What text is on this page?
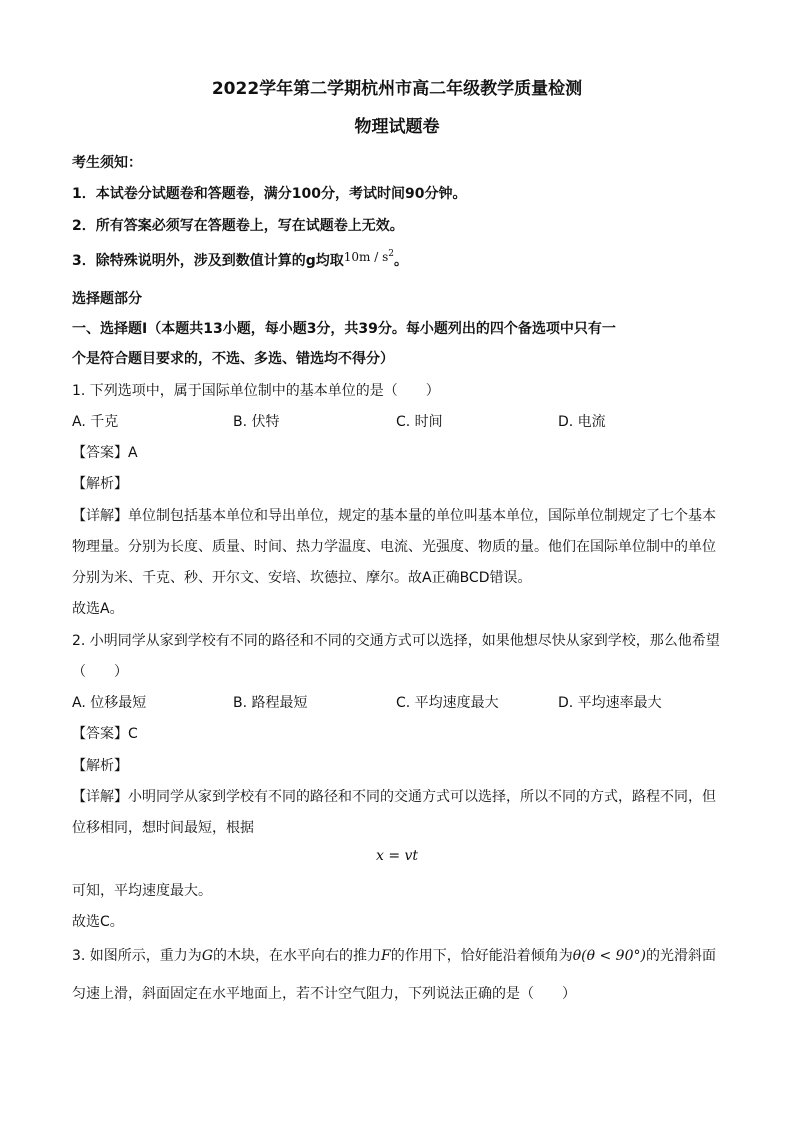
2022学年第二学期杭州市高二年级教学质量检测
物理试题卷
考生须知：
1．本试卷分试题卷和答题卷，满分100分，考试时间90分钟。
2．所有答案必须写在答题卷上，写在试题卷上无效。
3．除特殊说明外，涉及到数值计算的g均取$10m / s^2$。
选择题部分
一、选择题Ⅰ（本题共13小题，每小题3分，共39分。每小题列出的四个备选项中只有一
个是符合题目要求的，不选、多选、错选均不得分）
1. 下列选项中，属于国际单位制中的基本单位的是（　　）
A. 千克	B. 伏特	C. 时间	D. 电流
【答案】A
【解析】
【详解】单位制包括基本单位和导出单位，规定的基本量的单位叫基本单位，国际单位制规定了七个基本
物理量。分别为长度、质量、时间、热力学温度、电流、光强度、物质的量。他们在国际单位制中的单位
分别为米、千克、秒、开尔文、安培、坎德拉、摩尔。故A正确BCD错误。
故选A。
2. 小明同学从家到学校有不同的路径和不同的交通方式可以选择，如果他想尽快从家到学校，那么他希望
（　　）
A. 位移最短	B. 路程最短	C. 平均速度最大	D. 平均速率最大
【答案】C
【解析】
【详解】小明同学从家到学校有不同的路径和不同的交通方式可以选择，所以不同的方式，路程不同，但
位移相同，想时间最短，根据
x = vt
可知，平均速度最大。
故选C。
3. 如图所示，重力为G的木块，在水平向右的推力F的作用下，恰好能沿着倾角为θ(θ < 90°)的光滑斜面
匀速上滑，斜面固定在水平地面上，若不计空气阻力，下列说法正确的是（　　）
